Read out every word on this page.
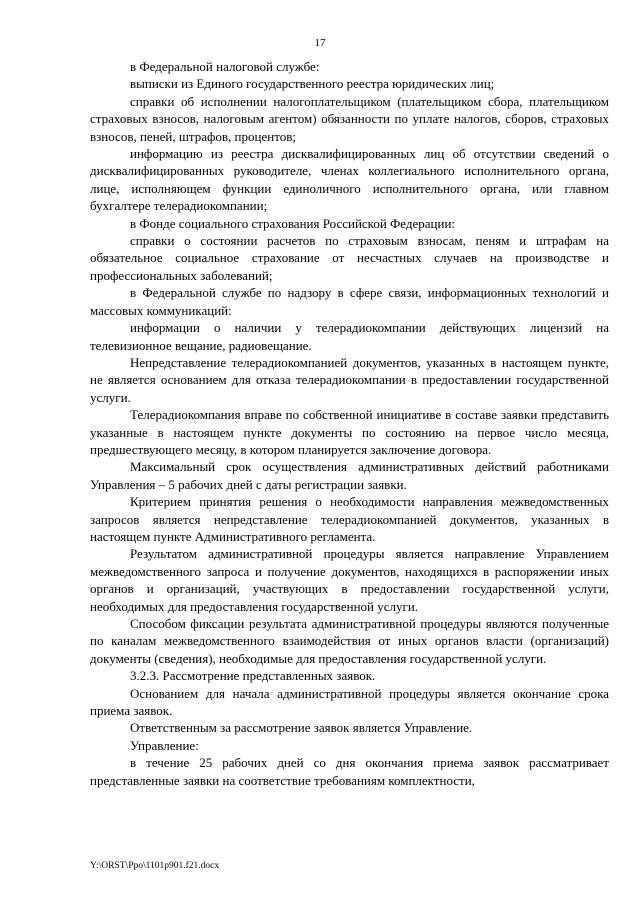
17

в Федеральной налоговой службе:

выписки из Единого государственного реестра юридических лиц;

справки об исполнении налогоплательщиком (плательщиком сбора, плательщиком страховых взносов, налоговым агентом) обязанности по уплате налогов, сборов, страховых взносов, пеней, штрафов, процентов;

информацию из реестра дисквалифицированных лиц об отсутствии сведений о дисквалифицированных руководителе, членах коллегиального исполнительного органа, лице, исполняющем функции единоличного исполнительного органа, или главном бухгалтере телерадиокомпании;

в Фонде социального страхования Российской Федерации:

справки о состоянии расчетов по страховым взносам, пеням и штрафам на обязательное социальное страхование от несчастных случаев на производстве и профессиональных заболеваний;

в Федеральной службе по надзору в сфере связи, информационных технологий и массовых коммуникаций:

информации о наличии у телерадиокомпании действующих лицензий на телевизионное вещание, радиовещание.

Непредставление телерадиокомпанией документов, указанных в настоящем пункте, не является основанием для отказа телерадиокомпании в предоставлении государственной услуги.

Телерадиокомпания вправе по собственной инициативе в составе заявки представить указанные в настоящем пункте документы по состоянию на первое число месяца, предшествующего месяцу, в котором планируется заключение договора.

Максимальный срок осуществления административных действий работниками Управления – 5 рабочих дней с даты регистрации заявки.

Критерием принятия решения о необходимости направления межведомственных запросов является непредставление телерадиокомпанией документов, указанных в настоящем пункте Административного регламента.

Результатом административной процедуры является направление Управлением межведомственного запроса и получение документов, находящихся в распоряжении иных органов и организаций, участвующих в предоставлении государственной услуги, необходимых для предоставления государственной услуги.

Способом фиксации результата административной процедуры являются полученные по каналам межведомственного взаимодействия от иных органов власти (организаций) документы (сведения), необходимые для предоставления государственной услуги.

3.2.3. Рассмотрение представленных заявок.

Основанием для начала административной процедуры является окончание срока приема заявок.

Ответственным за рассмотрение заявок является Управление.

Управление:

в течение 25 рабочих дней со дня окончания приема заявок рассматривает представленные заявки на соответствие требованиям комплектности,

Y:\ORST\Ppo\1101p901.f21.docx
